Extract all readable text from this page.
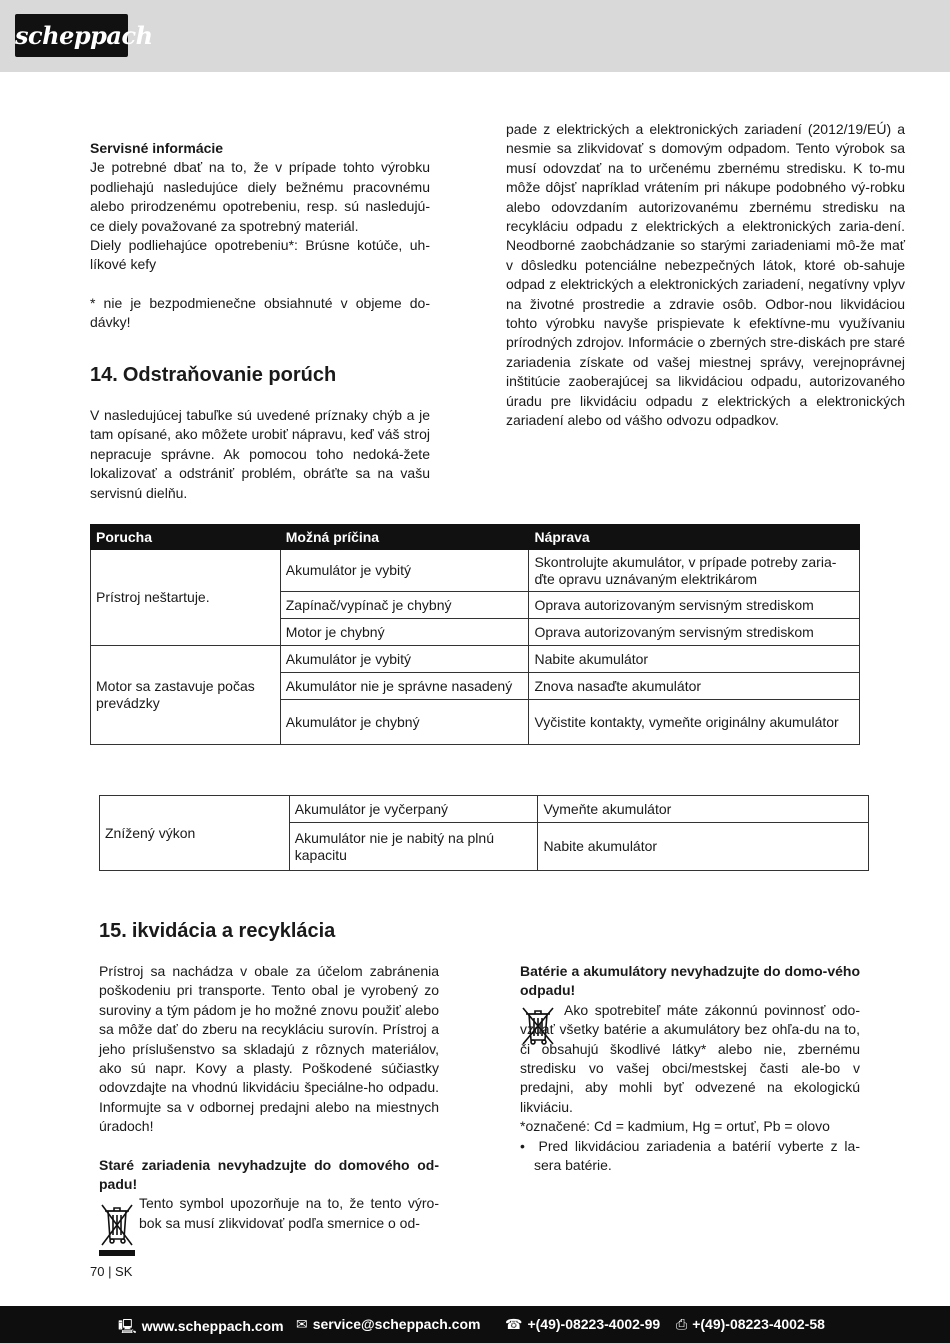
scheppach

Servisné informácie

Je potrebné dbať na to, že v prípade tohto výrobku podliehajú nasledujúce diely bežnému pracovnému alebo prirodzenému opotrebeniu, resp. sú nasledujú-ce diely považované za spotrebný materiál.

Diely podliehajúce opotrebeniu*: Brúsne kotúče, uh-líkové kefy

* nie je bezpodmienečne obsiahnuté v objeme do-dávky!

14. Odstraňovanie porúch

V nasledujúcej tabuľke sú uvedené príznaky chýb a je tam opísané, ako môžete urobiť nápravu, keď váš stroj nepracuje správne. Ak pomocou toho nedoká-žete lokalizovať a odstrániť problém, obráťte sa na vašu servisnú dielňu.

pade z elektrických a elektronických zariadení (2012/19/EÚ) a nesmie sa zlikvidovať s domovým odpadom. Tento výrobok sa musí odovzdať na to určenému zbernému stredisku. K to-mu môže dôjsť napríklad vrátením pri nákupe podobného vý-robku alebo odovzdaním autorizovanému zbernému stredisku na recykláciu odpadu z elektrických a elektronických zaria-dení. Neodborné zaobchádzanie so starými zariadeniami mô-že mať v dôsledku potenciálne nebezpečných látok, ktoré ob-sahuje odpad z elektrických a elektronických zariadení, negatívny vplyv na životné prostredie a zdravie osôb. Odbor-nou likvidáciou tohto výrobku navyše prispievate k efektívne-mu využívaniu prírodných zdrojov. Informácie o zberných stre-diskách pre staré zariadenia získate od vašej miestnej správy, verejnoprávnej inštitúcie zaoberajúcej sa likvidáciou odpadu, autorizovaného úradu pre likvidáciu odpadu z elektrických a elektronických zariadení alebo od vášho odvozu odpadkov.

Porucha	Možná príčina	Náprava
Prístroj neštartuje.	Akumulátor je vybitý	Skontrolujte akumulátor, v prípade potreby zaria-ďte opravu uznávaným elektrikárom
	Zapínač/vypínač je chybný	Oprava autorizovaným servisným strediskom
	Motor je chybný	Oprava autorizovaným servisným strediskom
Motor sa zastavuje počas prevádzky	Akumulátor je vybitý	Nabite akumulátor
	Akumulátor nie je správne nasadený	Znova nasaďte akumulátor
	Akumulátor je chybný	Vyčistite kontakty, vymeňte originálny akumulátor
Znížený výkon	Akumulátor je vyčerpaný	Vymeňte akumulátor
	Akumulátor nie je nabitý na plnú kapacitu	Nabite akumulátor
15. ikvidácia a recyklácia

Prístroj sa nachádza v obale za účelom zabránenia poškodeniu pri transporte. Tento obal je vyrobený zo suroviny a tým pádom je ho možné znovu použiť alebo sa môže dať do zberu na recykláciu surovín. Prístroj a jeho príslušenstvo sa skladajú z rôznych materiálov, ako sú napr. Kovy a plasty. Poškodené súčiastky odovzdajte na vhodnú likvidáciu špeciálne-ho odpadu. Informujte sa v odbornej predajni alebo na miestnych úradoch!

Staré zariadenia nevyhadzujte do domového od-padu!

Tento symbol upozorňuje na to, že tento výro-bok sa musí zlikvidovať podľa smernice o od-

Batérie a akumulátory nevyhadzujte do domo-vého odpadu!

Ako spotrebiteľ máte zákonnú povinnosť odo-vzdať všetky batérie a akumulátory bez ohľa-du na to, či obsahujú škodlivé látky* alebo nie, zbernému stredisku vo vašej obci/mestskej časti ale-bo v predajni, aby mohli byť odvezené na ekologickú likviáciu.

*označené: Cd = kadmium, Hg = ortuť, Pb = olovo

•  Pred likvidáciou zariadenia a batérií vyberte z la-sera batérie.

70 | SK
🖳 www.scheppach.com ✉ service@scheppach.com ☎ +(49)-08223-4002-99 ⎙ +(49)-08223-4002-58
